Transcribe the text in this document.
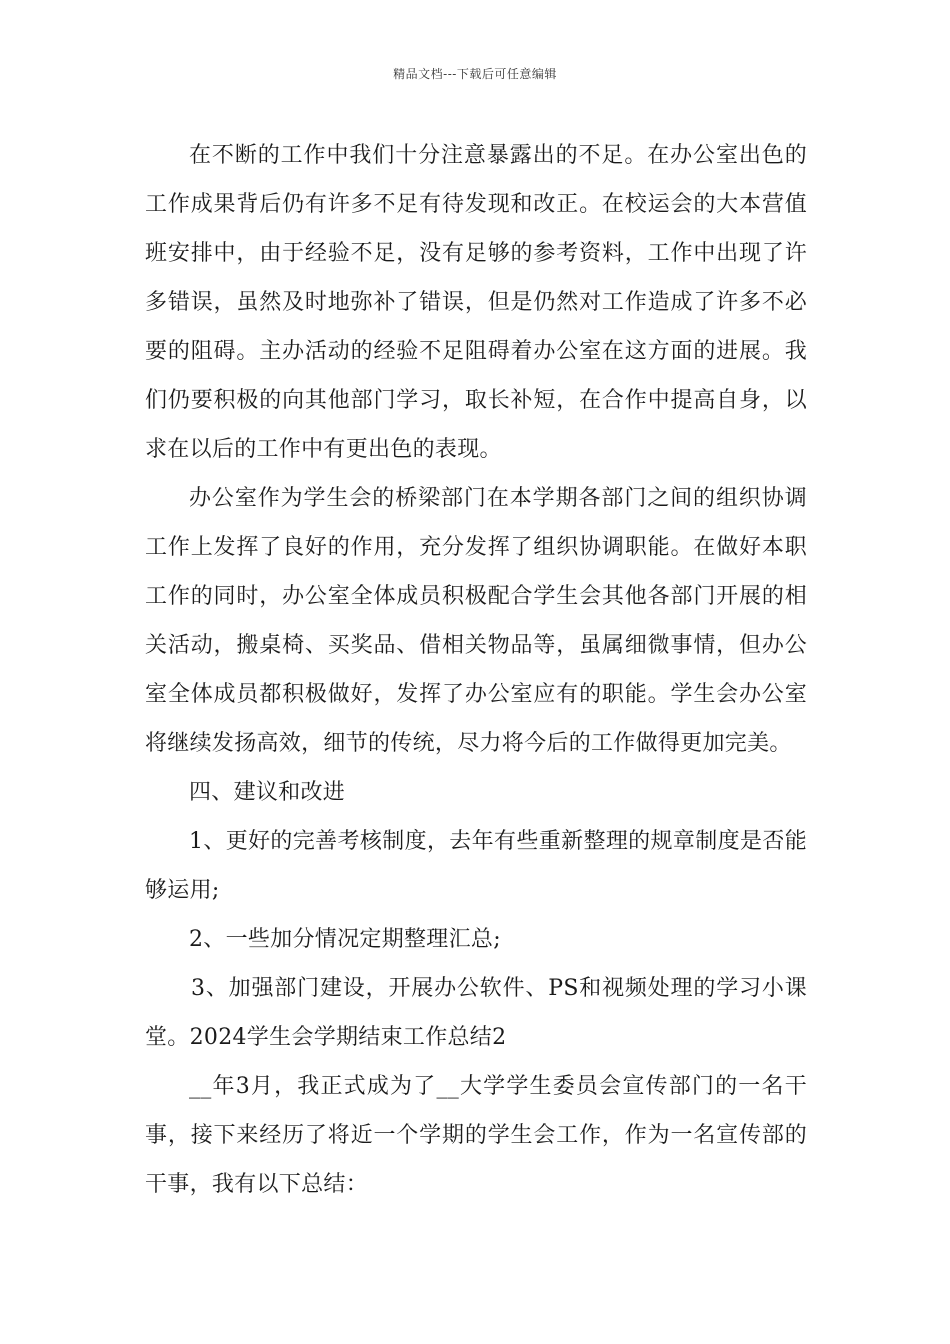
精品文档---下载后可任意编辑

在不断的工作中我们十分注意暴露出的不足。在办公室出色的工作成果背后仍有许多不足有待发现和改正。在校运会的大本营值班安排中，由于经验不足，没有足够的参考资料，工作中出现了许多错误，虽然及时地弥补了错误，但是仍然对工作造成了许多不必要的阻碍。主办活动的经验不足阻碍着办公室在这方面的进展。我们仍要积极的向其他部门学习，取长补短，在合作中提高自身，以求在以后的工作中有更出色的表现。

办公室作为学生会的桥梁部门在本学期各部门之间的组织协调工作上发挥了良好的作用，充分发挥了组织协调职能。在做好本职工作的同时，办公室全体成员积极配合学生会其他各部门开展的相关活动，搬桌椅、买奖品、借相关物品等，虽属细微事情，但办公室全体成员都积极做好，发挥了办公室应有的职能。学生会办公室将继续发扬高效，细节的传统，尽力将今后的工作做得更加完美。

四、建议和改进

1、更好的完善考核制度，去年有些重新整理的规章制度是否能够运用;

2、一些加分情况定期整理汇总;

3、加强部门建设，开展办公软件、PS和视频处理的学习小课堂。2024学生会学期结束工作总结2

__年3月，我正式成为了__大学学生委员会宣传部门的一名干事，接下来经历了将近一个学期的学生会工作，作为一名宣传部的干事，我有以下总结：
